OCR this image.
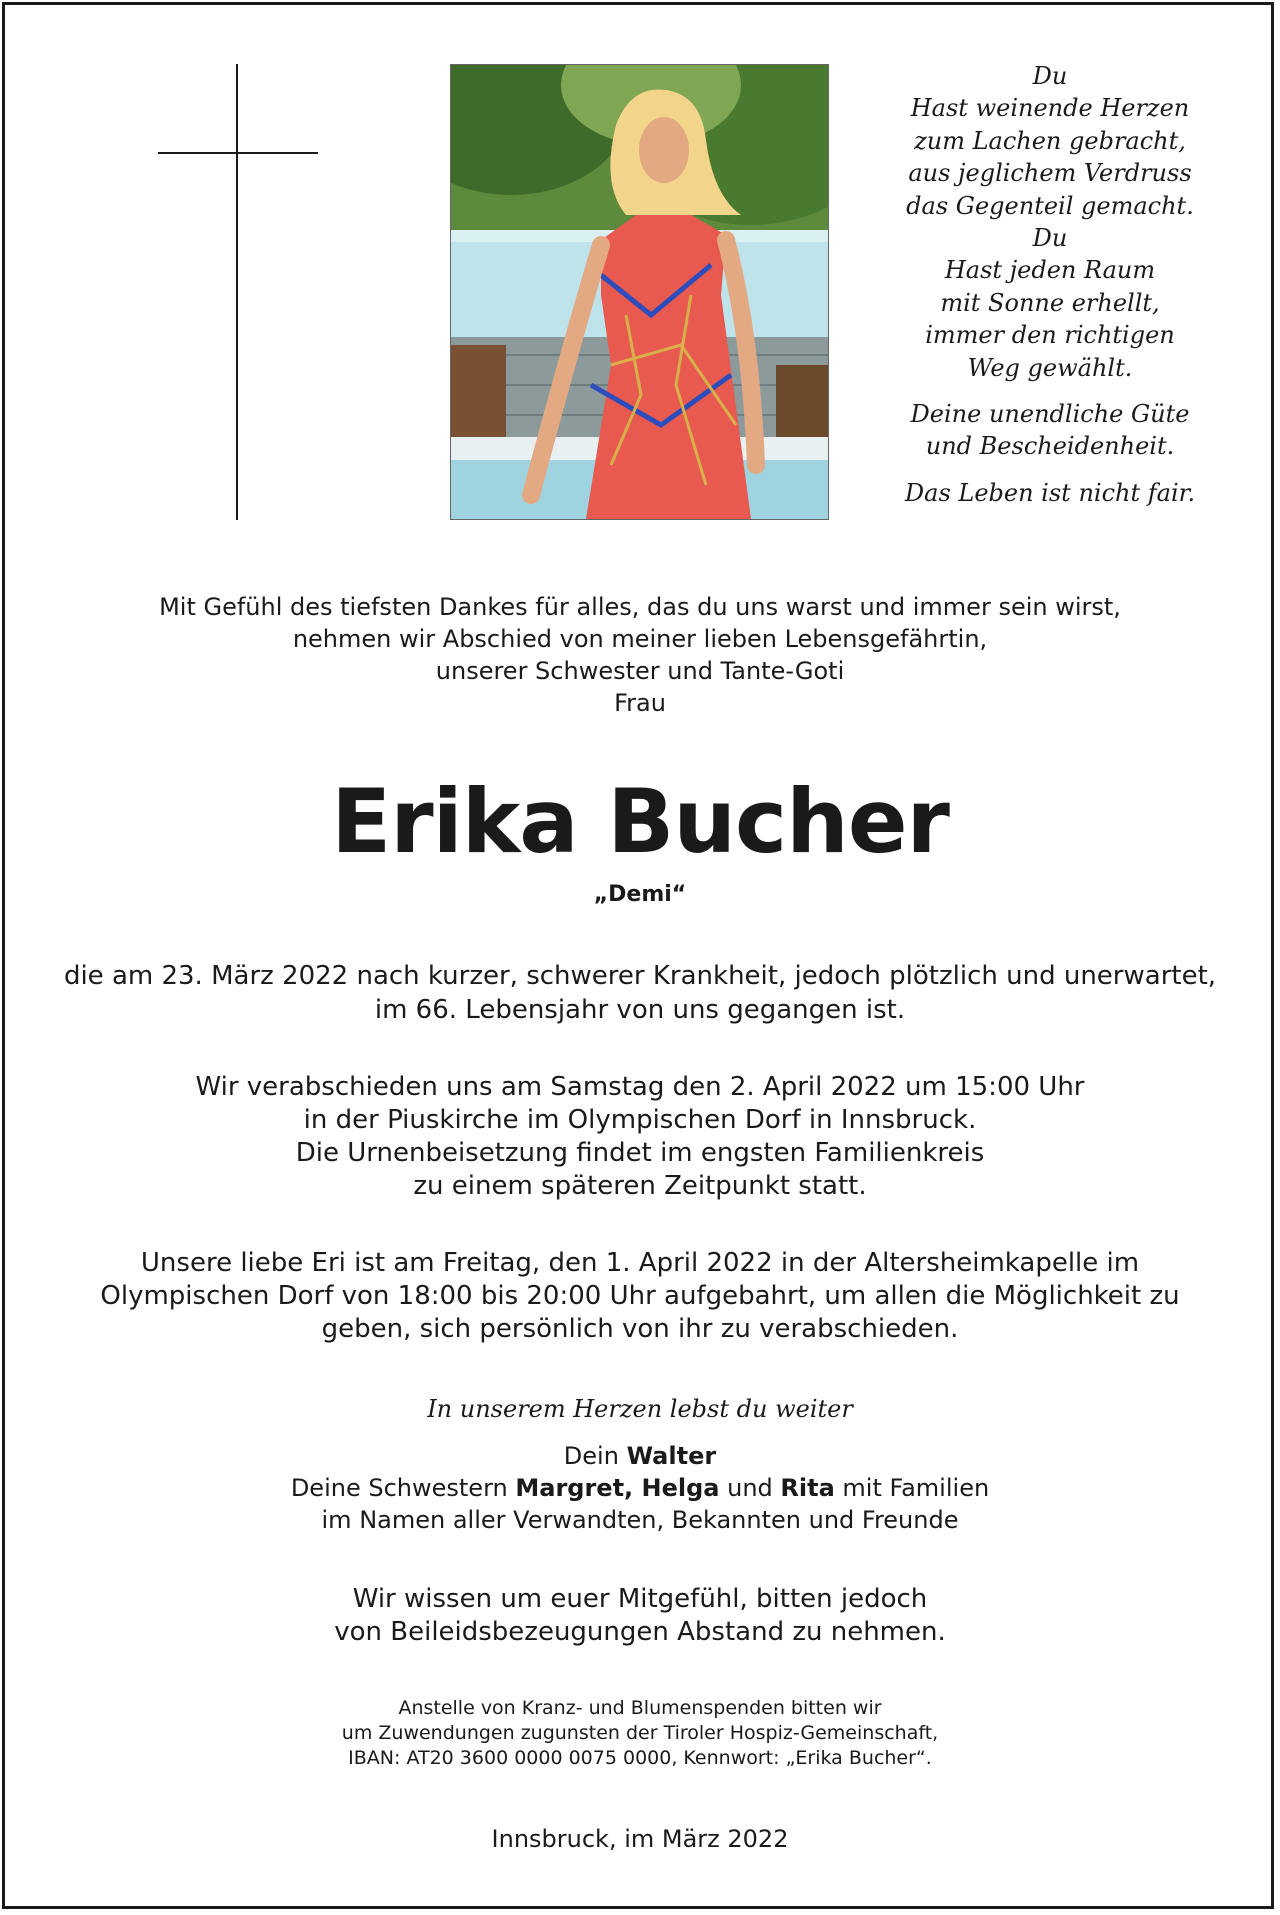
Du
Hast weinende Herzen
zum Lachen gebracht,
aus jeglichem Verdruss
das Gegenteil gemacht.
Du
Hast jeden Raum
mit Sonne erhellt,
immer den richtigen
Weg gewählt.
Deine unendliche Güte
und Bescheidenheit.
Das Leben ist nicht fair.
Mit Gefühl des tiefsten Dankes für alles, das du uns warst und immer sein wirst,
nehmen wir Abschied von meiner lieben Lebensgefährtin,
unserer Schwester und Tante-Goti
Frau
Erika Bucher
„Demi“
die am 23. März 2022 nach kurzer, schwerer Krankheit, jedoch plötzlich und unerwartet,
im 66. Lebensjahr von uns gegangen ist.
Wir verabschieden uns am Samstag den 2. April 2022 um 15:00 Uhr
in der Piuskirche im Olympischen Dorf in Innsbruck.
Die Urnenbeisetzung findet im engsten Familienkreis
zu einem späteren Zeitpunkt statt.
Unsere liebe Eri ist am Freitag, den 1. April 2022 in der Altersheimkapelle im
Olympischen Dorf von 18:00 bis 20:00 Uhr aufgebahrt, um allen die Möglichkeit zu
geben, sich persönlich von ihr zu verabschieden.
In unserem Herzen lebst du weiter
Dein Walter
Deine Schwestern Margret, Helga und Rita mit Familien
im Namen aller Verwandten, Bekannten und Freunde
Wir wissen um euer Mitgefühl, bitten jedoch
von Beileidsbezeugungen Abstand zu nehmen.
Anstelle von Kranz- und Blumenspenden bitten wir
um Zuwendungen zugunsten der Tiroler Hospiz-Gemeinschaft,
IBAN: AT20 3600 0000 0075 0000, Kennwort: „Erika Bucher“.
Innsbruck, im März 2022
